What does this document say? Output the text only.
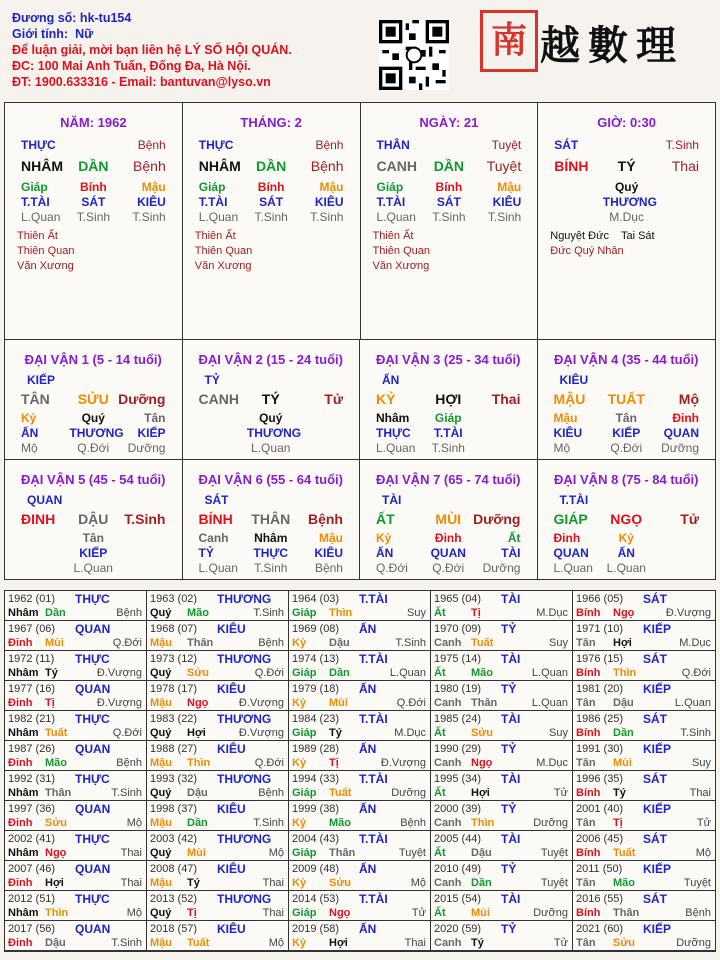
Đương số: hk-tu154
Giới tính: Nữ
Để luận giải, mời bạn liên hệ LÝ SỐ HỘI QUÁN.
ĐC: 100 Mai Anh Tuấn, Đống Đa, Hà Nội.
ĐT: 1900.633316 - Email: bantuvan@lyso.vn
南 越數理
NĂM: 1962
THỰC	Bệnh
NHÂM	DẦN	Bệnh
Giáp	Bính	Mậu
T.TÀI	SÁT	KIÊU
L.Quan	T.Sinh	T.Sinh
Thiên Ất
Thiên Quan
Văn Xương
THÁNG: 2
THỰC	Bệnh
NHÂM	DẦN	Bệnh
Giáp	Bính	Mậu
T.TÀI	SÁT	KIÊU
L.Quan	T.Sinh	T.Sinh
Thiên Ất
Thiên Quan
Văn Xương
NGÀY: 21
THÂN	Tuyệt
CANH	DẦN	Tuyệt
Giáp	Bính	Mậu
T.TÀI	SÁT	KIÊU
L.Quan	T.Sinh	T.Sinh
Thiên Ất
Thiên Quan
Văn Xương
GIỜ: 0:30
SÁT	T.Sinh
BÍNH	TÝ	Thai
Quý
THƯƠNG
M.Dục
Nguyệt Đức Tai Sát
Đức Quý Nhân
ĐẠI VẬN 1 (5 - 14 tuổi)
KIẾP
TÂN	SỬU Dưỡng
Kỷ	Quý	Tân
ẤN	THƯƠNG	KIẾP
Mộ	Q.Đới	Dưỡng
ĐẠI VẬN 2 (15 - 24 tuổi)
TỶ
CANH	TÝ	Tử
Quý
THƯƠNG
L.Quan
ĐẠI VẬN 3 (25 - 34 tuổi)
ẤN
KỶ	HỢI	Thai
Nhâm	Giáp
THỰC	T.TÀI
L.Quan	T.Sinh
ĐẠI VẬN 4 (35 - 44 tuổi)
KIÊU
MẬU	TUẤT	Mộ
Mậu	Tân	Đinh
KIÊU	KIẾP	QUAN
Mộ	Q.Đới	Dưỡng
ĐẠI VẬN 5 (45 - 54 tuổi)
QUAN
ĐINH	DẬU	T.Sinh
Tân
KIẾP
L.Quan
ĐẠI VẬN 6 (55 - 64 tuổi)
SÁT
BÍNH	THÂN	Bệnh
Canh	Nhâm	Mậu
TỶ	THỰC	KIÊU
L.Quan	T.Sinh	Bệnh
ĐẠI VẬN 7 (65 - 74 tuổi)
TÀI
ẤT	MÙI Dưỡng
Kỷ	Đinh	Ất
ẤN	QUAN	TÀI
Q.Đới	Q.Đới	Dưỡng
ĐẠI VẬN 8 (75 - 84 tuổi)
T.TÀI
GIÁP	NGỌ	Tử
Đinh	Kỷ
QUAN	ẤN
L.Quan	L.Quan
1962 (01) THỰC
Nhâm Dần	Bệnh
1963 (02) THƯƠNG
Quý Mão	T.Sinh
1964 (03) T.TÀI
Giáp Thìn	Suy
1965 (04) TÀI
Ất Tị	M.Dục
1966 (05) SÁT
Bính Ngọ	Đ.Vượng
1967 (06) QUAN
Đinh Mùi	Q.Đới
1968 (07) KIÊU
Mậu Thân	Bệnh
1969 (08) ẤN
Kỷ Dậu	T.Sinh
1970 (09) TỶ
Canh Tuất	Suy
1971 (10) KIẾP
Tân Hợi	M.Dục
1972 (11) THỰC
Nhâm Tý	Đ.Vượng
1973 (12) THƯƠNG
Quý Sửu	Q.Đới
1974 (13) T.TÀI
Giáp Dần	L.Quan
1975 (14) TÀI
Ất Mão	L.Quan
1976 (15) SÁT
Bính Thìn	Q.Đới
1977 (16) QUAN
Đinh Tị	Đ.Vượng
1978 (17) KIÊU
Mậu Ngọ	Đ.Vượng
1979 (18) ẤN
Kỷ Mùi	Q.Đới
1980 (19) TỶ
Canh Thân	L.Quan
1981 (20) KIẾP
Tân Dậu	L.Quan
1982 (21) THỰC
Nhâm Tuất	Q.Đới
1983 (22) THƯƠNG
Quý Hợi	Đ.Vượng
1984 (23) T.TÀI
Giáp Tý	M.Dục
1985 (24) TÀI
Ất Sửu	Suy
1986 (25) SÁT
Bính Dần	T.Sinh
1987 (26) QUAN
Đinh Mão	Bệnh
1988 (27) KIÊU
Mậu Thìn	Q.Đới
1989 (28) ẤN
Kỷ Tị	Đ.Vượng
1990 (29) TỶ
Canh Ngọ	M.Dục
1991 (30) KIẾP
Tân Mùi	Suy
1992 (31) THỰC
Nhâm Thân	T.Sinh
1993 (32) THƯƠNG
Quý Dậu	Bệnh
1994 (33) T.TÀI
Giáp Tuất	Dưỡng
1995 (34) TÀI
Ất Hợi	Tử
1996 (35) SÁT
Bính Tý	Thai
1997 (36) QUAN
Đinh Sửu	Mộ
1998 (37) KIÊU
Mậu Dần	T.Sinh
1999 (38) ẤN
Kỷ Mão	Bệnh
2000 (39) TỶ
Canh Thìn	Dưỡng
2001 (40) KIẾP
Tân Tị	Tử
2002 (41) THỰC
Nhâm Ngọ	Thai
2003 (42) THƯƠNG
Quý Mùi	Mộ
2004 (43) T.TÀI
Giáp Thân	Tuyệt
2005 (44) TÀI
Ất Dậu	Tuyệt
2006 (45) SÁT
Bính Tuất	Mộ
2007 (46) QUAN
Đinh Hợi	Thai
2008 (47) KIÊU
Mậu Tý	Thai
2009 (48) ẤN
Kỷ Sửu	Mộ
2010 (49) TỶ
Canh Dần	Tuyệt
2011 (50) KIẾP
Tân Mão	Tuyệt
2012 (51) THỰC
Nhâm Thìn	Mộ
2013 (52) THƯƠNG
Quý Tị	Thai
2014 (53) T.TÀI
Giáp Ngọ	Tử
2015 (54) TÀI
Ất Mùi	Dưỡng
2016 (55) SÁT
Bính Thân	Bệnh
2017 (56) QUAN
Đinh Dậu	T.Sinh
2018 (57) KIÊU
Mậu Tuất	Mộ
2019 (58) ẤN
Kỷ Hợi	Thai
2020 (59) TỶ
Canh Tý	Tử
2021 (60) KIẾP
Tân Sửu	Dưỡng
